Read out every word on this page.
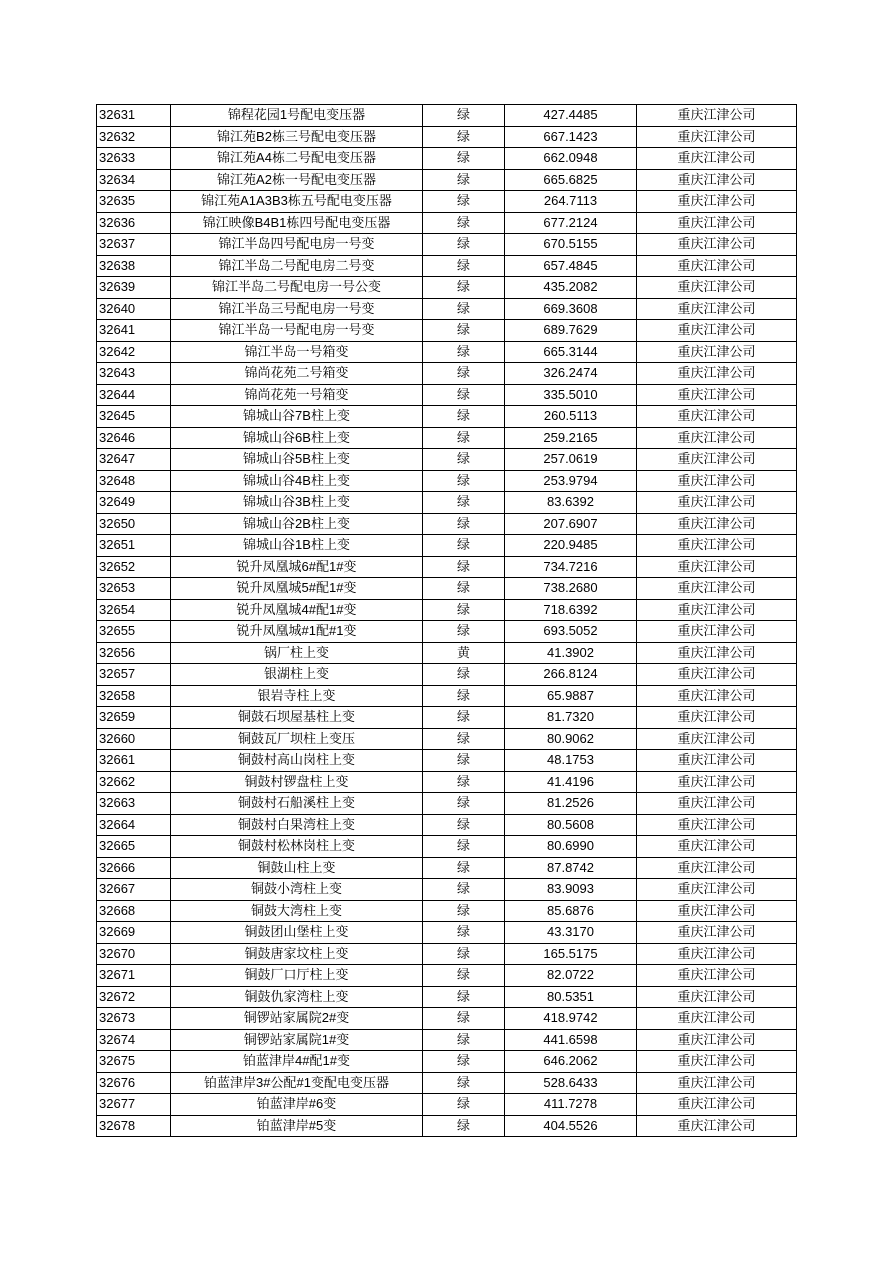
32631	锦程花园1号配电变压器	绿	427.4485	重庆江津公司
32632	锦江苑B2栋三号配电变压器	绿	667.1423	重庆江津公司
32633	锦江苑A4栋二号配电变压器	绿	662.0948	重庆江津公司
32634	锦江苑A2栋一号配电变压器	绿	665.6825	重庆江津公司
32635	锦江苑A1A3B3栋五号配电变压器	绿	264.7113	重庆江津公司
32636	锦江映像B4B1栋四号配电变压器	绿	677.2124	重庆江津公司
32637	锦江半岛四号配电房一号变	绿	670.5155	重庆江津公司
32638	锦江半岛二号配电房二号变	绿	657.4845	重庆江津公司
32639	锦江半岛二号配电房一号公变	绿	435.2082	重庆江津公司
32640	锦江半岛三号配电房一号变	绿	669.3608	重庆江津公司
32641	锦江半岛一号配电房一号变	绿	689.7629	重庆江津公司
32642	锦江半岛一号箱变	绿	665.3144	重庆江津公司
32643	锦尚花苑二号箱变	绿	326.2474	重庆江津公司
32644	锦尚花苑一号箱变	绿	335.5010	重庆江津公司
32645	锦城山谷7B柱上变	绿	260.5113	重庆江津公司
32646	锦城山谷6B柱上变	绿	259.2165	重庆江津公司
32647	锦城山谷5B柱上变	绿	257.0619	重庆江津公司
32648	锦城山谷4B柱上变	绿	253.9794	重庆江津公司
32649	锦城山谷3B柱上变	绿	83.6392	重庆江津公司
32650	锦城山谷2B柱上变	绿	207.6907	重庆江津公司
32651	锦城山谷1B柱上变	绿	220.9485	重庆江津公司
32652	锐升凤凰城6#配1#变	绿	734.7216	重庆江津公司
32653	锐升凤凰城5#配1#变	绿	738.2680	重庆江津公司
32654	锐升凤凰城4#配1#变	绿	718.6392	重庆江津公司
32655	锐升凤凰城#1配#1变	绿	693.5052	重庆江津公司
32656	锅厂柱上变	黄	41.3902	重庆江津公司
32657	银湖柱上变	绿	266.8124	重庆江津公司
32658	银岩寺柱上变	绿	65.9887	重庆江津公司
32659	铜鼓石坝屋基柱上变	绿	81.7320	重庆江津公司
32660	铜鼓瓦厂坝柱上变压	绿	80.9062	重庆江津公司
32661	铜鼓村高山岗柱上变	绿	48.1753	重庆江津公司
32662	铜鼓村锣盘柱上变	绿	41.4196	重庆江津公司
32663	铜鼓村石船溪柱上变	绿	81.2526	重庆江津公司
32664	铜鼓村白果湾柱上变	绿	80.5608	重庆江津公司
32665	铜鼓村松林岗柱上变	绿	80.6990	重庆江津公司
32666	铜鼓山柱上变	绿	87.8742	重庆江津公司
32667	铜鼓小湾柱上变	绿	83.9093	重庆江津公司
32668	铜鼓大湾柱上变	绿	85.6876	重庆江津公司
32669	铜鼓团山堡柱上变	绿	43.3170	重庆江津公司
32670	铜鼓唐家坟柱上变	绿	165.5175	重庆江津公司
32671	铜鼓厂口厅柱上变	绿	82.0722	重庆江津公司
32672	铜鼓仇家湾柱上变	绿	80.5351	重庆江津公司
32673	铜锣站家属院2#变	绿	418.9742	重庆江津公司
32674	铜锣站家属院1#变	绿	441.6598	重庆江津公司
32675	铂蓝津岸4#配1#变	绿	646.2062	重庆江津公司
32676	铂蓝津岸3#公配#1变配电变压器	绿	528.6433	重庆江津公司
32677	铂蓝津岸#6变	绿	411.7278	重庆江津公司
32678	铂蓝津岸#5变	绿	404.5526	重庆江津公司
